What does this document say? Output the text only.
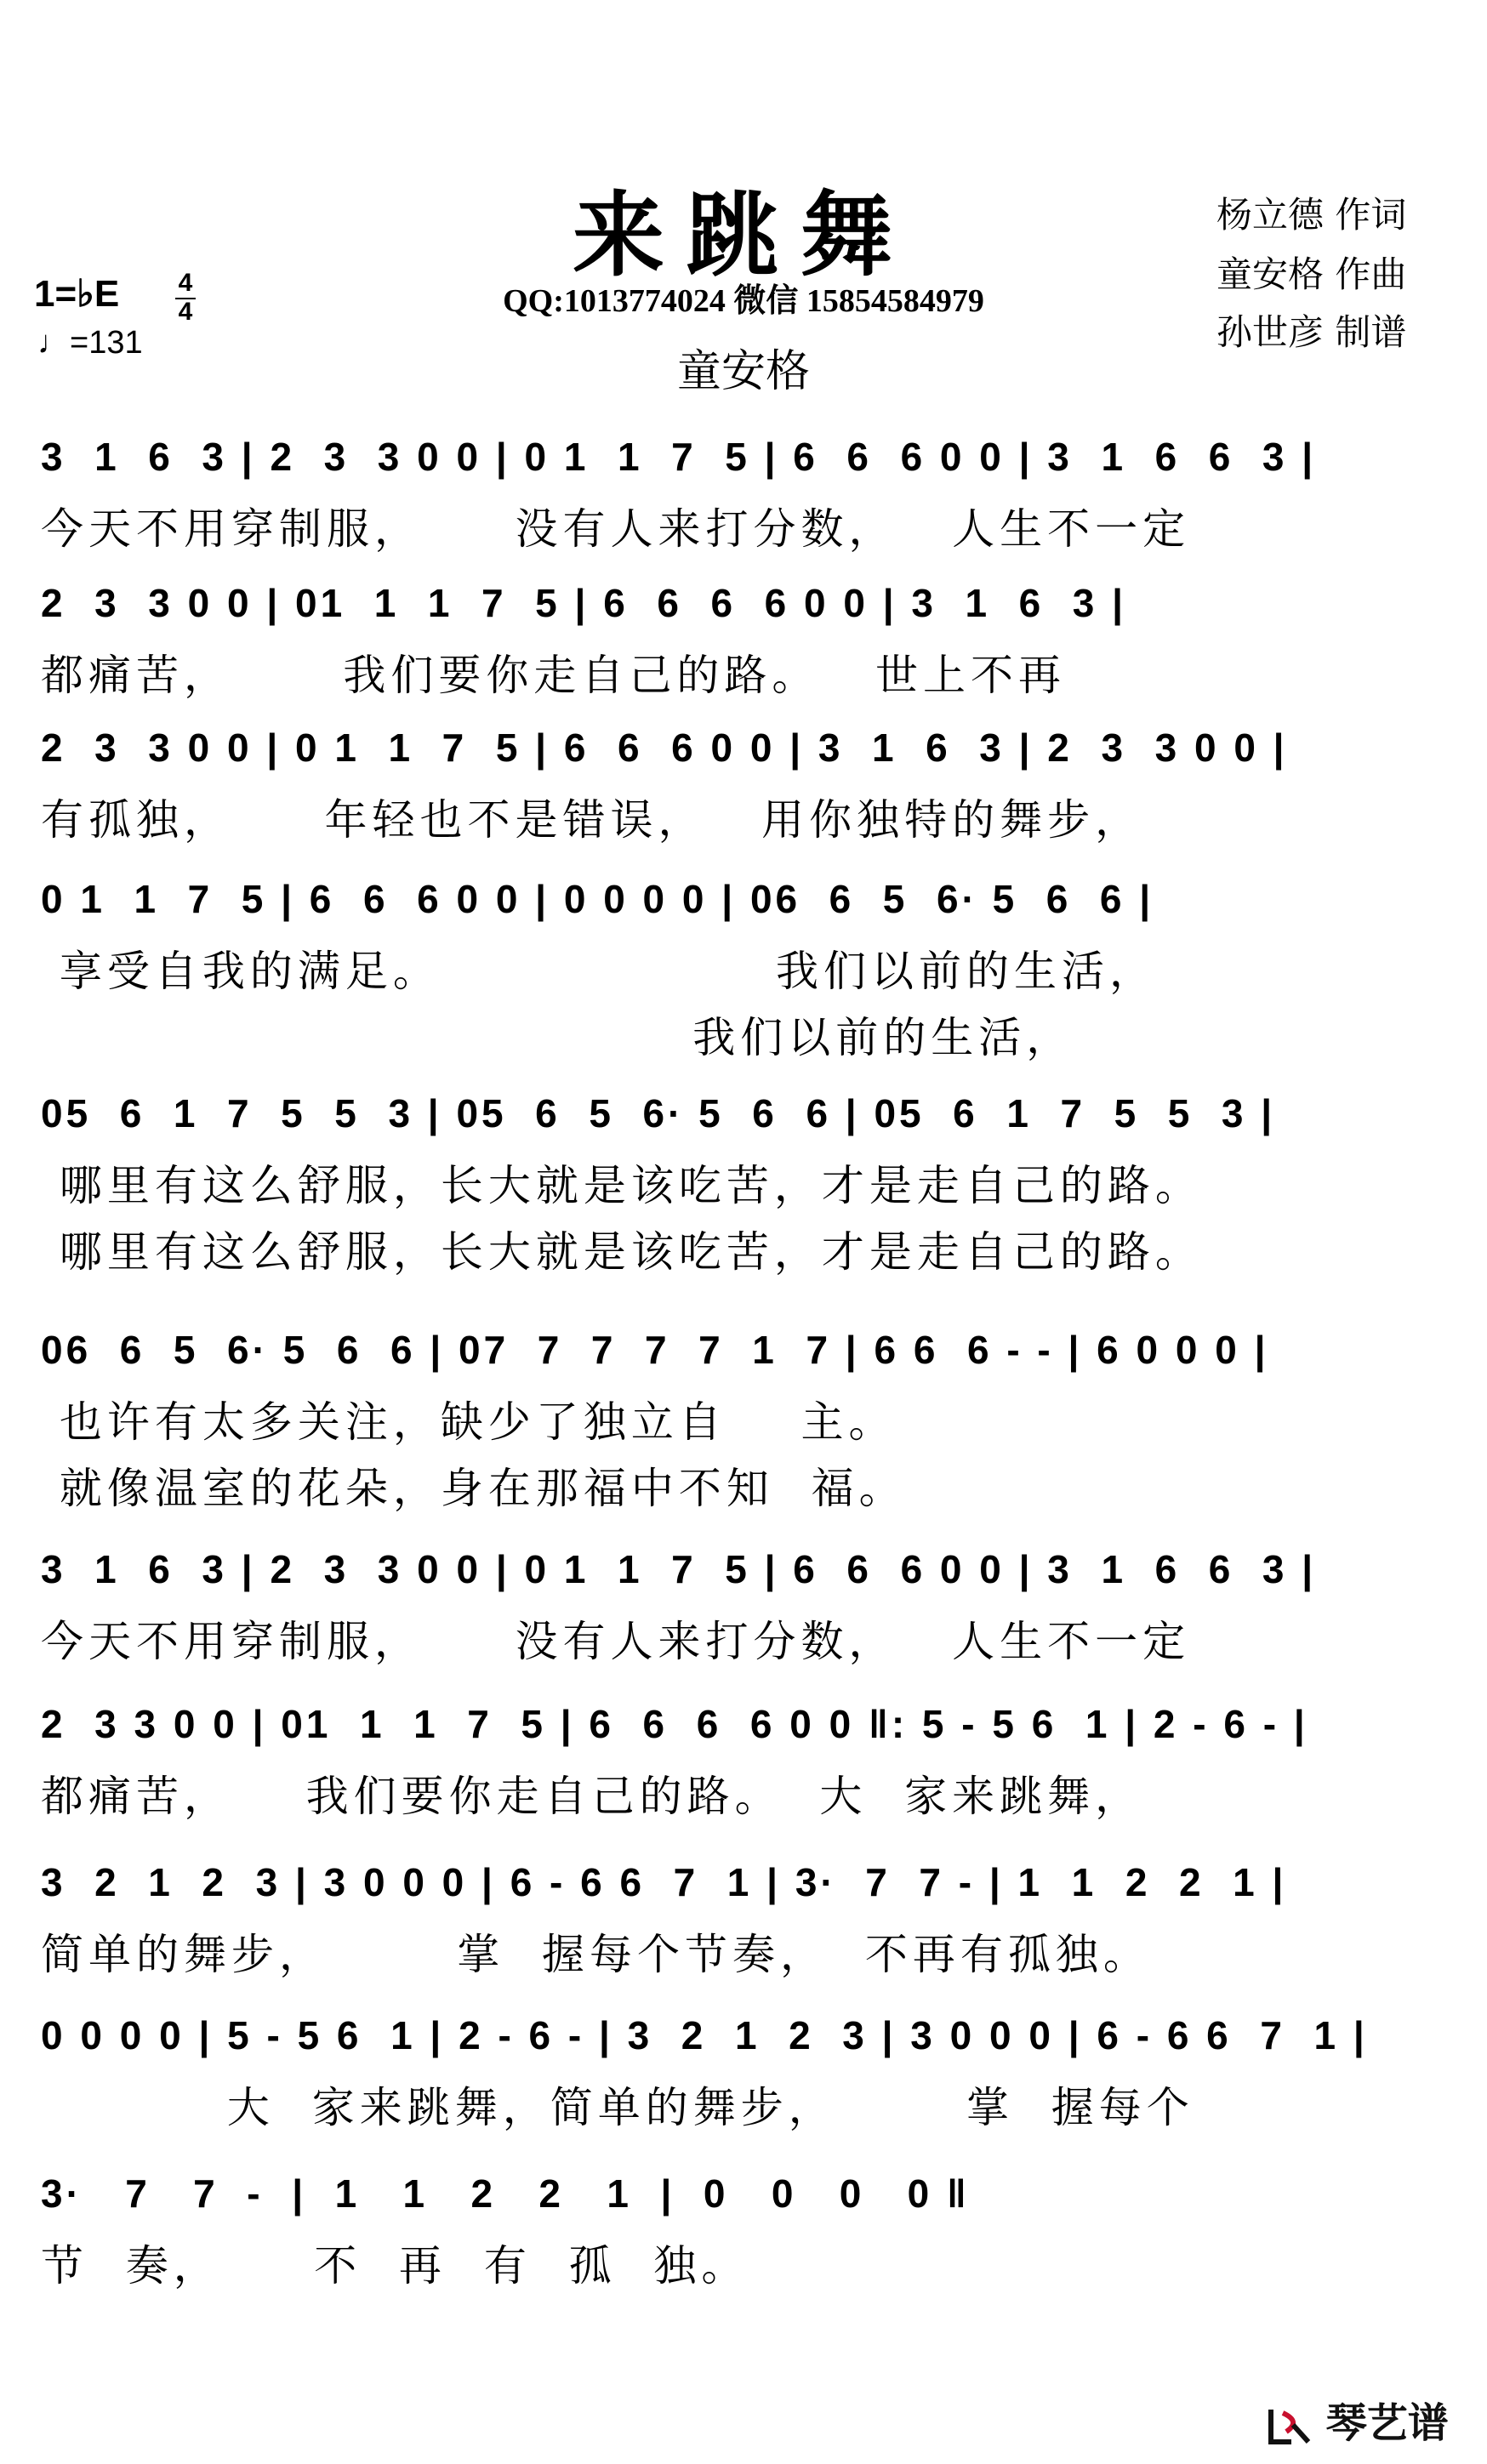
来跳舞
QQ:1013774024 微信 15854584979
童安格
杨立德 作词
童安格 作曲
孙世彦 制谱
1=♭E 4
4
♩=131
3  1  6  3 | 2  3  3 0 0 | 0 1  1  7  5 | 6  6  6 0 0 | 3  1  6  6  3 |
今天不用穿制服，     没有人来打分数，   人生不一定
2  3  3 0 0 | 01  1  1  7  5 | 6  6  6  6 0 0 | 3  1  6  3 |
都痛苦，      我们要你走自己的路。   世上不再
2  3  3 0 0 | 0 1  1  7  5 | 6  6  6 0 0 | 3  1  6  3 | 2  3  3 0 0 |
有孤独，     年轻也不是错误，   用你独特的舞步，
0 1  1  7  5 | 6  6  6 0 0 | 0 0 0 0 | 06  6  5  6· 5  6  6 |
享受自我的满足。                  我们以前的生活，
我们以前的生活，
05  6  1  7  5  5  3 | 05  6  5  6· 5  6  6 | 05  6  1  7  5  5  3 |
哪里有这么舒服，长大就是该吃苦，才是走自己的路。
哪里有这么舒服，长大就是该吃苦，才是走自己的路。
06  6  5  6· 5  6  6 | 07  7  7  7  7  1  7 | 6 6  6 - - | 6 0 0 0 |
也许有太多关注，缺少了独立自    主。
就像温室的花朵，身在那福中不知  福。
3  1  6  3 | 2  3  3 0 0 | 0 1  1  7  5 | 6  6  6 0 0 | 3  1  6  6  3 |
今天不用穿制服，     没有人来打分数，   人生不一定
2  3 3 0 0 | 01  1  1  7  5 | 6  6  6  6 0 0 ‖: 5 - 5 6  1 | 2 - 6 - |
都痛苦，    我们要你走自己的路。  大  家来跳舞，
3  2  1  2  3 | 3 0 0 0 | 6 - 6 6  7  1 | 3·  7  7 - | 1  1  2  2  1 |
简单的舞步，       掌  握每个节奏，  不再有孤独。
0 0 0 0 | 5 - 5 6  1 | 2 - 6 - | 3  2  1  2  3 | 3 0 0 0 | 6 - 6 6  7  1 |
大  家来跳舞，简单的舞步，       掌  握每个
3·   7   7  -  |  1   1   2   2   1  |  0   0   0   0 ‖
节  奏，     不  再  有  孤  独。
琴艺谱
